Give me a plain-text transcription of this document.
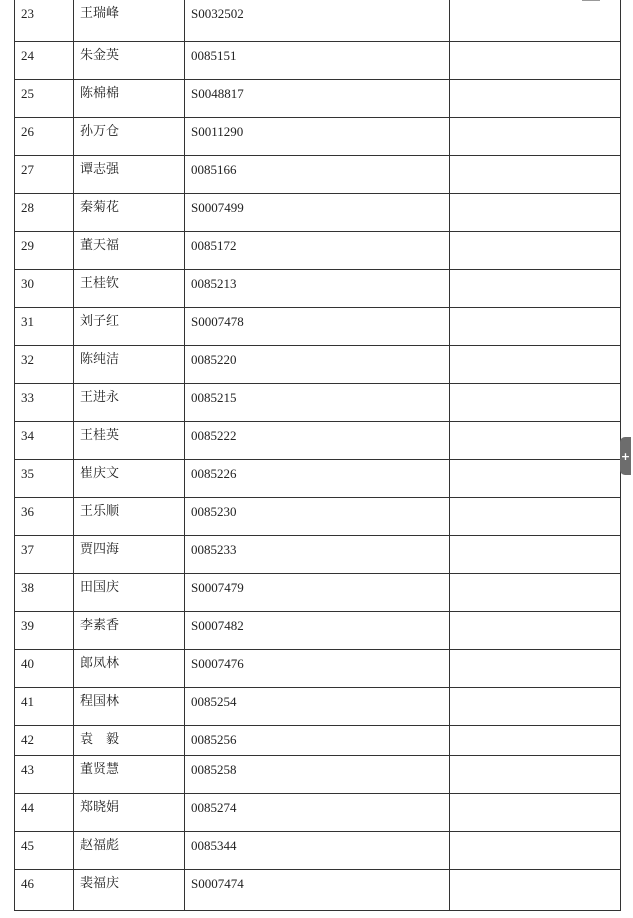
23	王瑞峰	S0032502	
24	朱金英	0085151	
25	陈棉棉	S0048817	
26	孙万仓	S0011290	
27	谭志强	0085166	
28	秦菊花	S0007499	
29	董天福	0085172	
30	王桂钦	0085213	
31	刘子红	S0007478	
32	陈纯洁	0085220	
33	王进永	0085215	
34	王桂英	0085222	
35	崔庆文	0085226	
36	王乐顺	0085230	
37	贾四海	0085233	
38	田国庆	S0007479	
39	李素香	S0007482	
40	郎凤林	S0007476	
41	程国林	0085254	
42	袁　毅	0085256	
43	董贤慧	0085258	
44	郑晓娟	0085274	
45	赵福彪	0085344	
46	裴福庆	S0007474	
+
